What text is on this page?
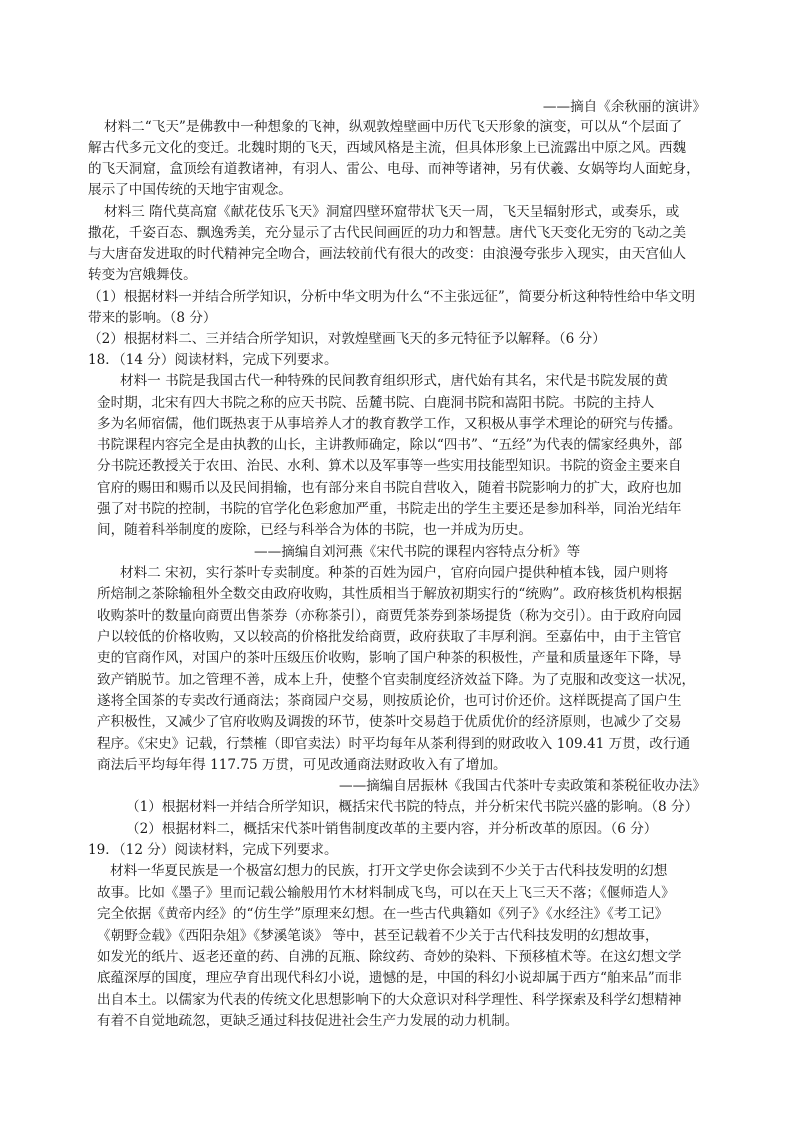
——摘自《余秋丽的演讲》
材料二“飞天”是佛教中一种想象的飞神，纵观敦煌壁画中历代飞天形象的演变，可以从“个层面了
解古代多元文化的变迁。北魏时期的飞天，西域风格是主流，但具体形象上已流露出中原之风。西魏
的飞天洞窟，盒顶绘有道教诸神，有羽人、雷公、电母、而神等诸神，另有伏羲、女娲等均人面蛇身，
展示了中国传统的天地宇宙观念。
材料三 隋代莫高窟《献花伎乐飞天》洞窟四壁环窟带状飞天一周，飞天呈辐射形式，或奏乐，或
撒花，千姿百态、飘逸秀美，充分显示了古代民间画匠的功力和智慧。唐代飞天变化无穷的飞动之美
与大唐奋发进取的时代精神完全吻合，画法较前代有很大的改变：由浪漫夸张步入现实，由天宫仙人
转变为宫娥舞伎。
（1）根据材料一并结合所学知识，分析中华文明为什么“不主张远征”，简要分析这种特性给中华文明
带来的影响。（8 分）
（2）根据材料二、三并结合所学知识，对敦煌壁画飞天的多元特征予以解释。（6 分）
18．（14 分）阅读材料，完成下列要求。
材料一 书院是我国古代一种特殊的民间教育组织形式，唐代始有其名，宋代是书院发展的黄
金时期，北宋有四大书院之称的应天书院、岳麓书院、白鹿洞书院和嵩阳书院。书院的主持人
多为名师宿儒，他们既热衷于从事培养人才的教育教学工作，又积极从事学术理论的研究与传播。
书院课程内容完全是由执教的山长，主讲教师确定，除以“四书”、“五经”为代表的儒家经典外，部
分书院还教授关于农田、治民、水利、算术以及军事等一些实用技能型知识。书院的资金主要来自
官府的赐田和赐币以及民间捐输，也有部分来自书院自营收入，随着书院影响力的扩大，政府也加
强了对书院的控制，书院的官学化色彩愈加严重，书院走出的学生主要还是参加科举，同治光结年
间，随着科举制度的废除，已经与科举合为体的书院，也一并成为历史。
——摘编自刘河燕《宋代书院的课程内容特点分析》等
材料二 宋初，实行茶叶专卖制度。种茶的百姓为园户，官府向园户提供种植本钱，园户则将
所焙制之茶除输租外全数交由政府收购，其性质相当于解放初期实行的“统购”。政府核货机构根据
收购茶叶的数量向商贾出售茶券（亦称茶引），商贾凭茶券到茶场提货（称为交引）。由于政府向园
户以较低的价格收购，又以较高的价格批发给商贾，政府获取了丰厚利润。至嘉佑中，由于主管官
吏的官商作风，对国户的茶叶压级压价收购，影响了国户种茶的积极性，产量和质量逐年下降，导
致产销脱节。加之管理不善，成本上升，使整个官卖制度经济效益下降。为了克服和改变这一状况，
遂将全国茶的专卖改行通商法；茶商园户交易，则按质论价，也可讨价还价。这样既提高了国户生
产积极性，又减少了官府收购及调拨的环节，使茶叶交易趋于优质优价的经济原则，也减少了交易
程序。《宋史》记载，行禁榷（即官卖法）时平均每年从茶利得到的财政收入 109.41 万贯，改行通
商法后平均每年得 117.75 万贯，可见改通商法财政收入有了增加。
——摘编自居振林《我国古代茶叶专卖政策和茶税征收办法》
（1）根据材料一并结合所学知识，概括宋代书院的特点，并分析宋代书院兴盛的影响。（8 分）
（2）根据材料二，概括宋代茶叶销售制度改革的主要内容，并分析改革的原因。（6 分）
19．（12 分）阅读材料，完成下列要求。
材料一华夏民族是一个极富幻想力的民族，打开文学史你会读到不少关于古代科技发明的幻想
故事。比如《墨子》里而记载公输般用竹木材料制成飞鸟，可以在天上飞三天不落；《偃师造人》
完全依据《黄帝内经》的“仿生学”原理来幻想。在一些古代典籍如《列子》《水经注》《考工记》
《朝野佥载》《西阳杂俎》《梦溪笔谈》 等中，甚至记载着不少关于古代科技发明的幻想故事，
如发光的纸片、返老还童的药、自沸的瓦瓶、除纹药、奇妙的染料、下预移植术等。在这幻想文学
底蕴深厚的国度，理应孕育出现代科幻小说，遗憾的是，中国的科幻小说却属于西方“舶来品”而非
出自本土。以儒家为代表的传统文化思想影响下的大众意识对科学理性、科学探索及科学幻想精神
有着不自觉地疏忽，更缺乏通过科技促进社会生产力发展的动力机制。
